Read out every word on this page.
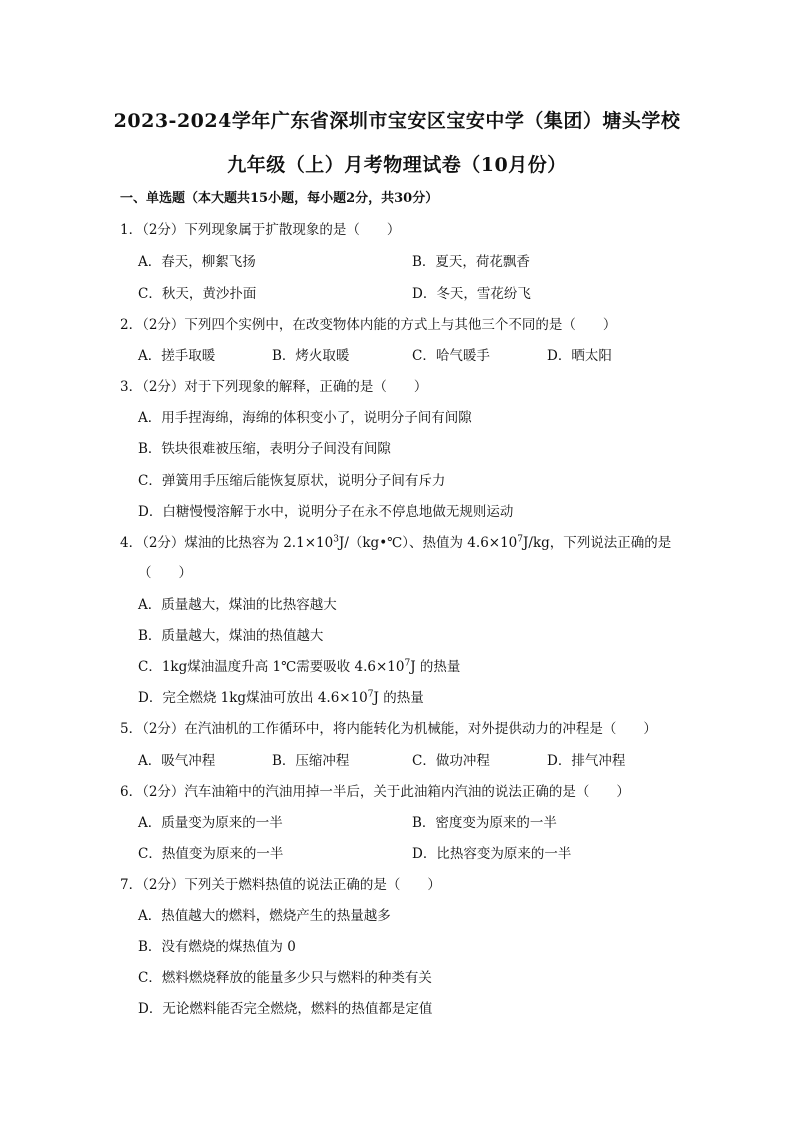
2023-2024学年广东省深圳市宝安区宝安中学（集团）塘头学校
九年级（上）月考物理试卷（10月份）
一、单选题（本大题共15小题，每小题2分，共30分）
1．（2分）下列现象属于扩散现象的是（　　）
A．春天，柳絮飞扬	B．夏天，荷花飘香
C．秋天，黄沙扑面	D．冬天，雪花纷飞
2．（2分）下列四个实例中，在改变物体内能的方式上与其他三个不同的是（　　）
A．搓手取暖	B．烤火取暖	C．哈气暖手	D．晒太阳
3．（2分）对于下列现象的解释，正确的是（　　）
A．用手捏海绵，海绵的体积变小了，说明分子间有间隙
B．铁块很难被压缩，表明分子间没有间隙
C．弹簧用手压缩后能恢复原状，说明分子间有斥力
D．白糖慢慢溶解于水中，说明分子在永不停息地做无规则运动
4．（2分）煤油的比热容为 $2.1\times 10^3J/(kg•℃)$、热值为 $4.6\times 10^7J/kg$，下列说法正确的是
（　　）
A．质量越大，煤油的比热容越大
B．质量越大，煤油的热值越大
C．1kg煤油温度升高 1℃需要吸收 $4.6\times 10^7J$ 的热量
D．完全燃烧 1kg煤油可放出 $4.6\times 10^7J$ 的热量
5．（2分）在汽油机的工作循环中，将内能转化为机械能，对外提供动力的冲程是（　　）
A．吸气冲程	B．压缩冲程	C．做功冲程	D．排气冲程
6．（2分）汽车油箱中的汽油用掉一半后，关于此油箱内汽油的说法正确的是（　　）
A．质量变为原来的一半	B．密度变为原来的一半
C．热值变为原来的一半	D．比热容变为原来的一半
7．（2分）下列关于燃料热值的说法正确的是（　　）
A．热值越大的燃料，燃烧产生的热量越多
B．没有燃烧的煤热值为 0
C．燃料燃烧释放的能量多少只与燃料的种类有关
D．无论燃料能否完全燃烧，燃料的热值都是定值
